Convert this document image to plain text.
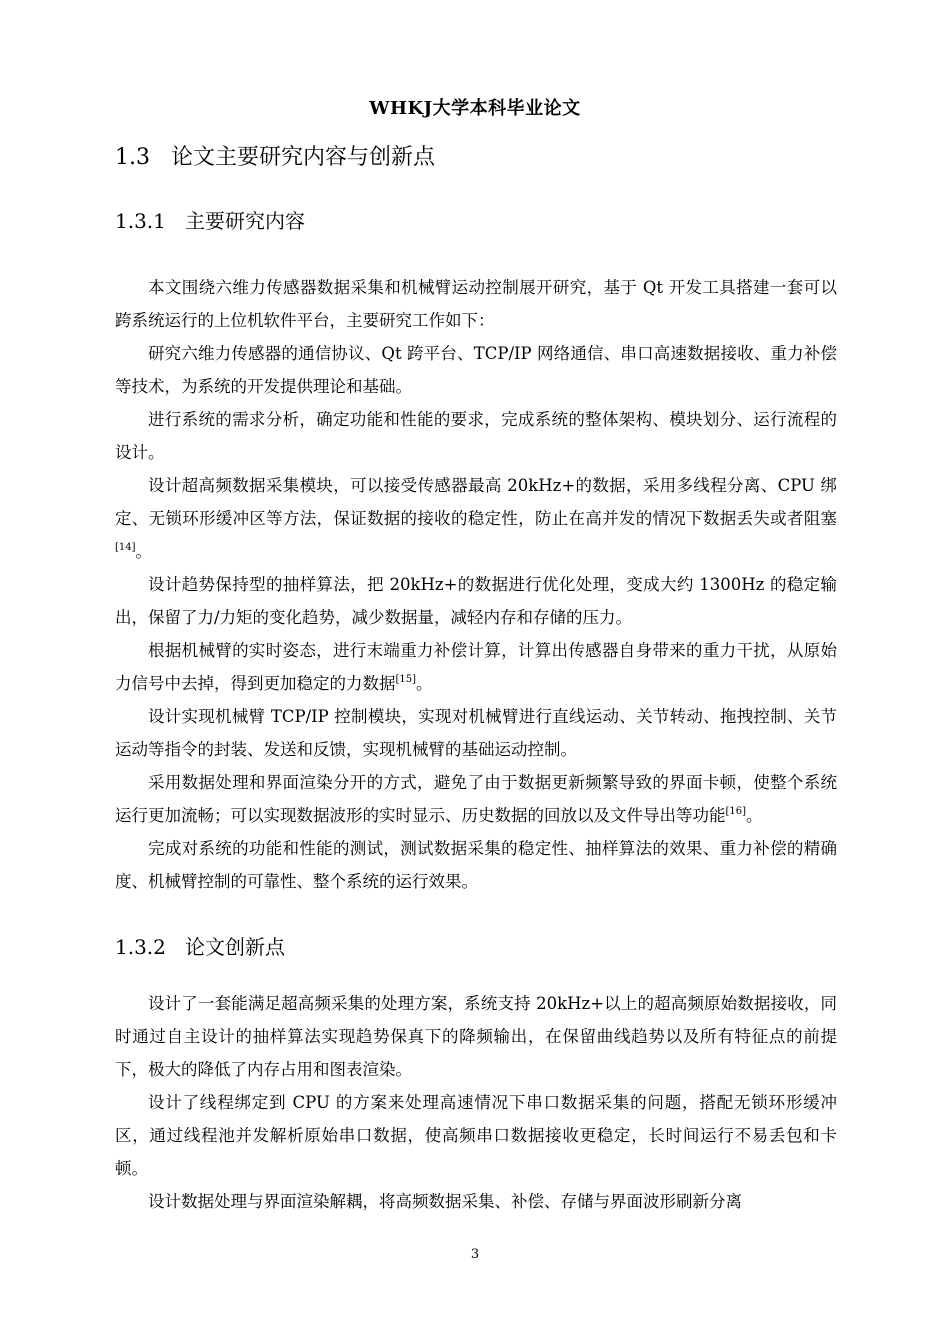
WHKJ大学本科毕业论文
1.3 论文主要研究内容与创新点
1.3.1 主要研究内容

本文围绕六维力传感器数据采集和机械臂运动控制展开研究，基于 Qt 开发工具搭建一套可以跨系统运行的上位机软件平台，主要研究工作如下：

研究六维力传感器的通信协议、Qt 跨平台、TCP/IP 网络通信、串口高速数据接收、重力补偿等技术，为系统的开发提供理论和基础。

进行系统的需求分析，确定功能和性能的要求，完成系统的整体架构、模块划分、运行流程的设计。

设计超高频数据采集模块，可以接受传感器最高 20kHz+的数据，采用多线程分离、CPU 绑定、无锁环形缓冲区等方法，保证数据的接收的稳定性，防止在高并发的情况下数据丢失或者阻塞[14]。

设计趋势保持型的抽样算法，把 20kHz+的数据进行优化处理，变成大约 1300Hz 的稳定输出，保留了力/力矩的变化趋势，减少数据量，减轻内存和存储的压力。

根据机械臂的实时姿态，进行末端重力补偿计算，计算出传感器自身带来的重力干扰，从原始力信号中去掉，得到更加稳定的力数据[15]。

设计实现机械臂 TCP/IP 控制模块，实现对机械臂进行直线运动、关节转动、拖拽控制、关节运动等指令的封装、发送和反馈，实现机械臂的基础运动控制。

采用数据处理和界面渲染分开的方式，避免了由于数据更新频繁导致的界面卡顿，使整个系统运行更加流畅；可以实现数据波形的实时显示、历史数据的回放以及文件导出等功能[16]。

完成对系统的功能和性能的测试，测试数据采集的稳定性、抽样算法的效果、重力补偿的精确度、机械臂控制的可靠性、整个系统的运行效果。

1.3.2 论文创新点

设计了一套能满足超高频采集的处理方案，系统支持 20kHz+以上的超高频原始数据接收，同时通过自主设计的抽样算法实现趋势保真下的降频输出，在保留曲线趋势以及所有特征点的前提下，极大的降低了内存占用和图表渲染。

设计了线程绑定到 CPU 的方案来处理高速情况下串口数据采集的问题，搭配无锁环形缓冲区，通过线程池并发解析原始串口数据，使高频串口数据接收更稳定，长时间运行不易丢包和卡顿。

设计数据处理与界面渲染解耦，将高频数据采集、补偿、存储与界面波形刷新分离

3
